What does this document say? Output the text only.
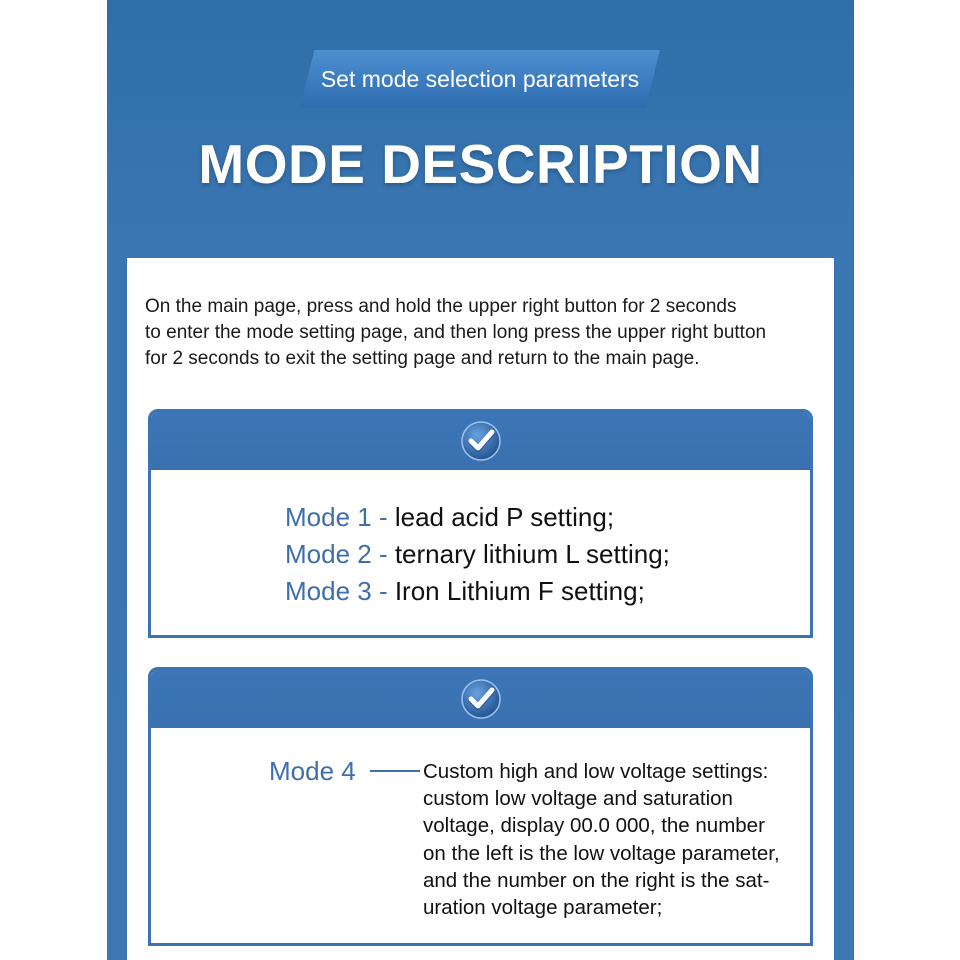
Set mode selection parameters
MODE DESCRIPTION
On the main page, press and hold the upper right button for 2 seconds
to enter the mode setting page, and then long press the upper right button
for 2 seconds to exit the setting page and return to the main page.
Mode 1 - lead acid P setting;
Mode 2 - ternary lithium L setting;
Mode 3 - Iron Lithium F setting;
Mode 4	Custom high and low voltage settings:
custom low voltage and saturation
voltage, display 00.0 000, the number
on the left is the low voltage parameter,
and the number on the right is the sat-
uration voltage parameter;
